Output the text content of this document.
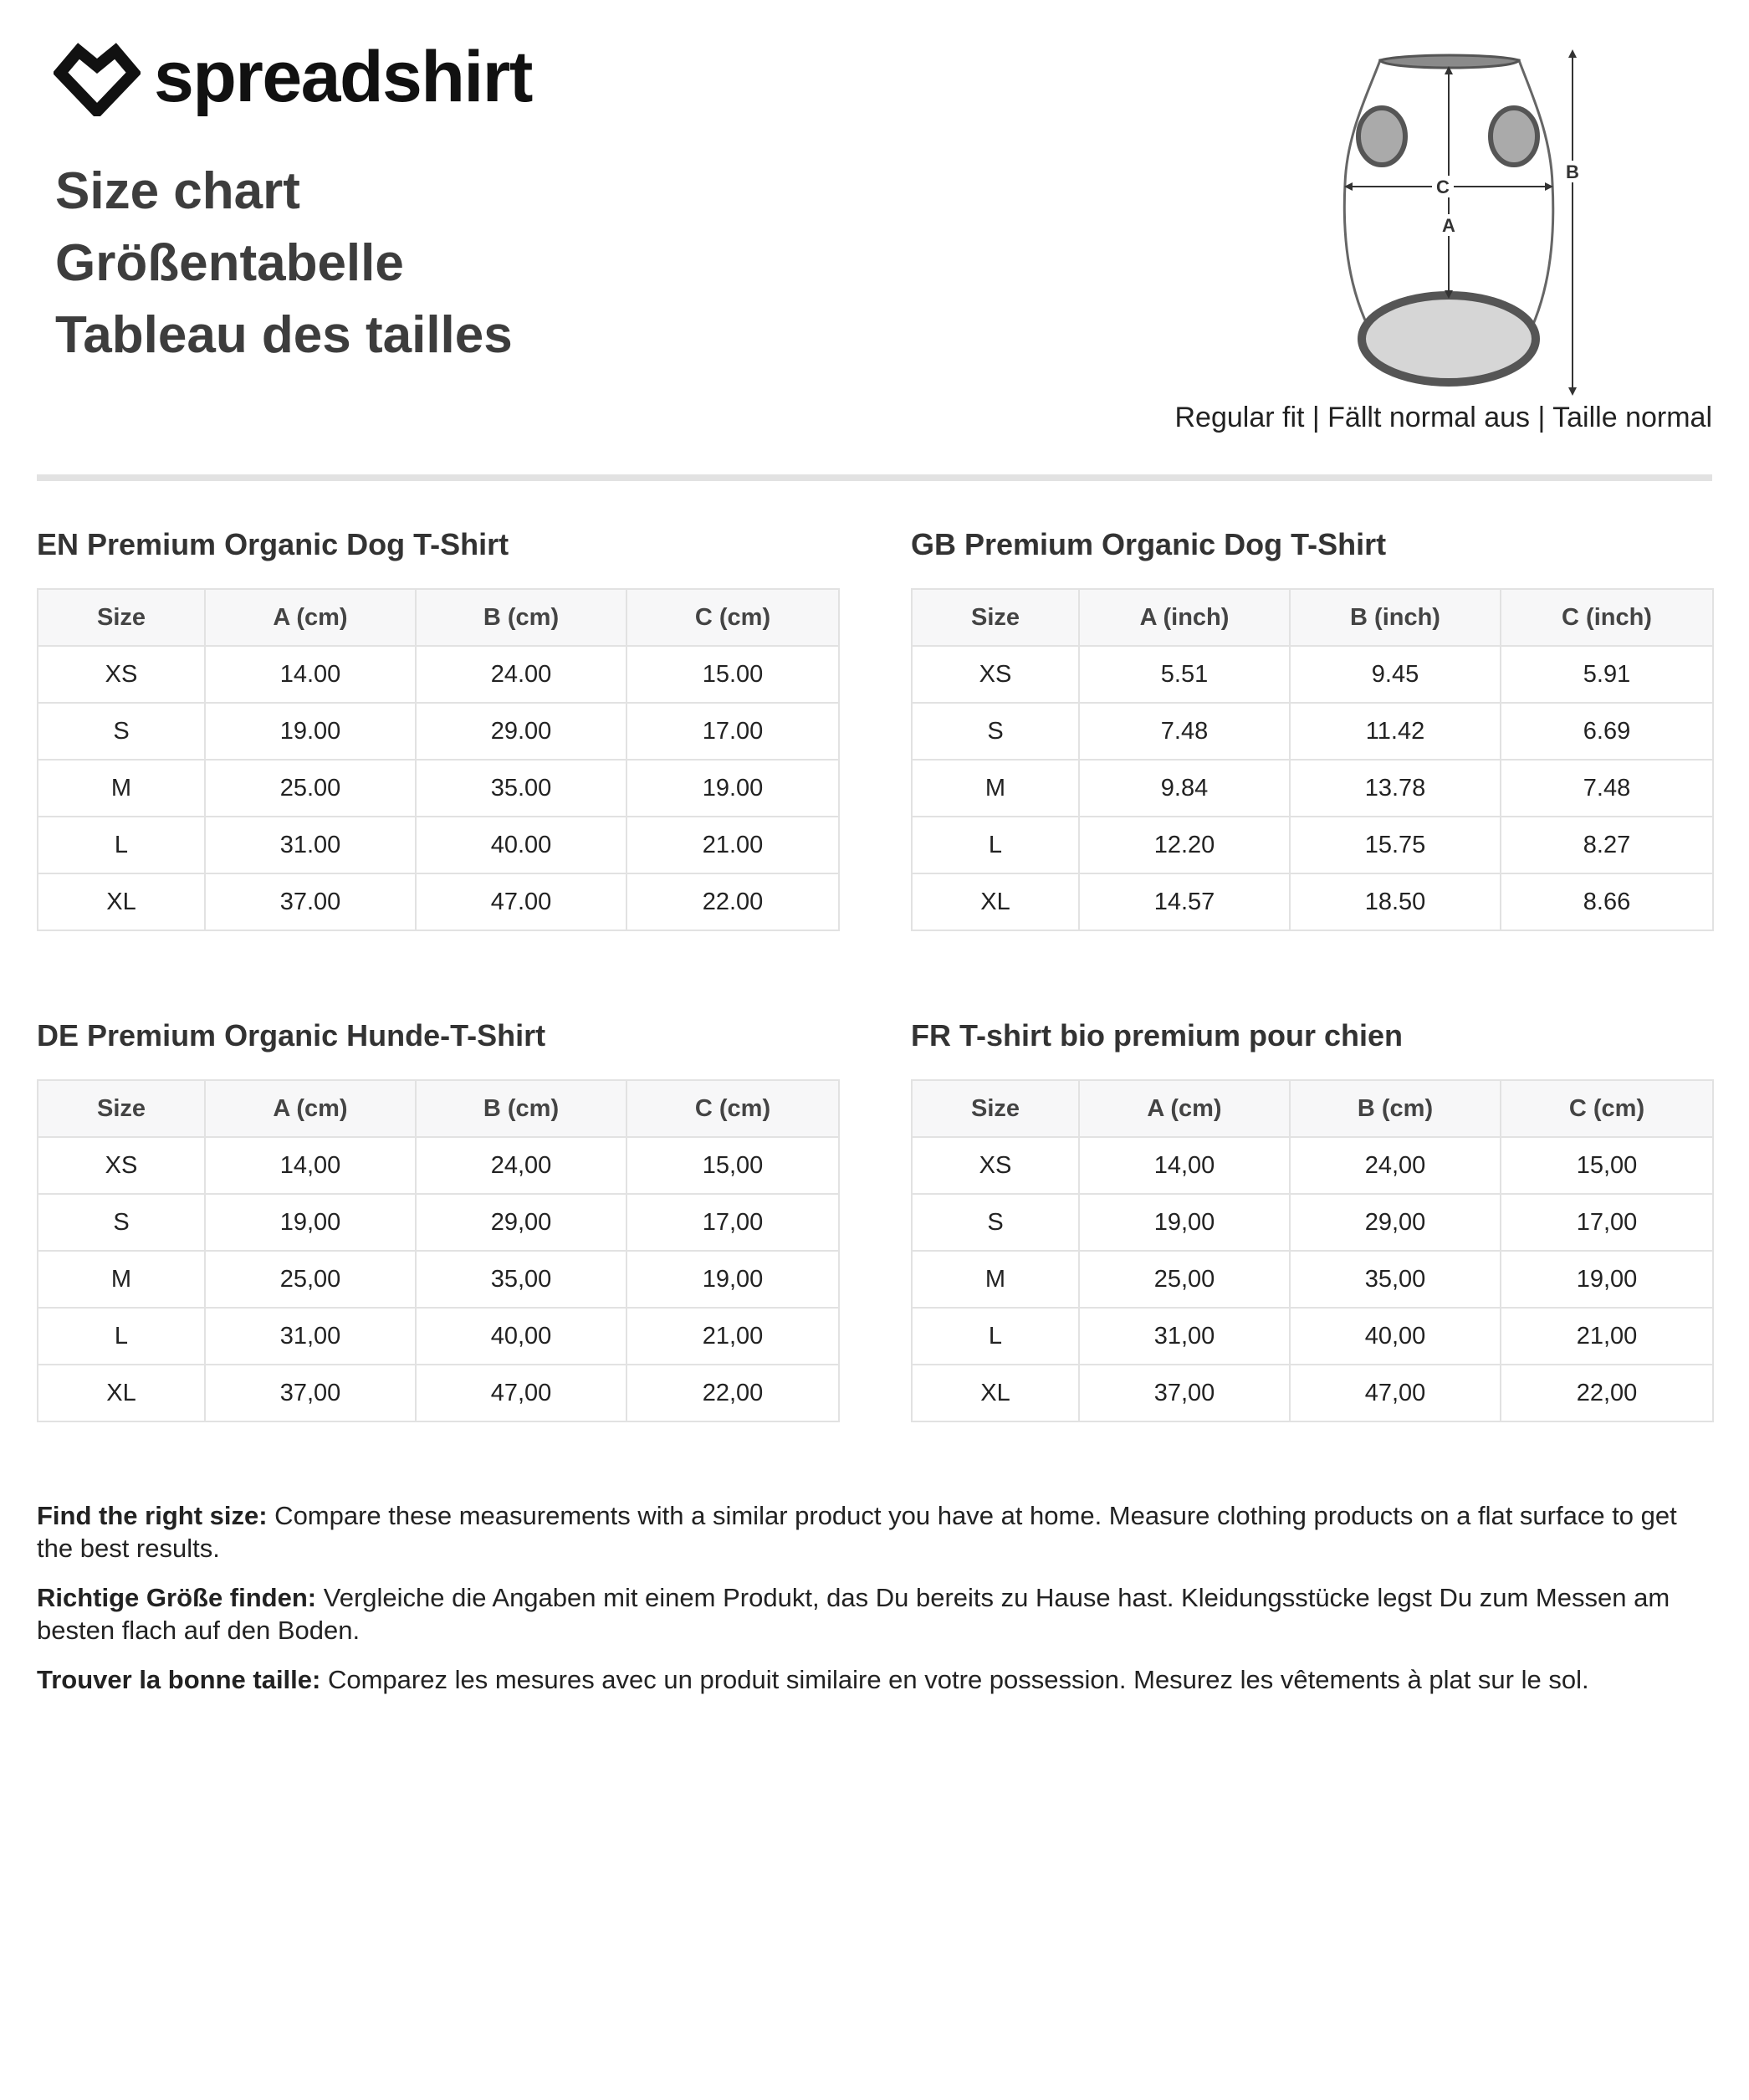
spreadshirt
Size chart
Größentabelle
Tableau des tailles
C
A
B
Regular fit | Fällt normal aus | Taille normal
EN Premium Organic Dog T-Shirt
Size	A (cm)	B (cm)	C (cm)
XS	14.00	24.00	15.00
S	19.00	29.00	17.00
M	25.00	35.00	19.00
L	31.00	40.00	21.00
XL	37.00	47.00	22.00
GB Premium Organic Dog T-Shirt
Size	A (inch)	B (inch)	C (inch)
XS	5.51	9.45	5.91
S	7.48	11.42	6.69
M	9.84	13.78	7.48
L	12.20	15.75	8.27
XL	14.57	18.50	8.66
DE Premium Organic Hunde-T-Shirt
Size	A (cm)	B (cm)	C (cm)
XS	14,00	24,00	15,00
S	19,00	29,00	17,00
M	25,00	35,00	19,00
L	31,00	40,00	21,00
XL	37,00	47,00	22,00
FR T-shirt bio premium pour chien
Size	A (cm)	B (cm)	C (cm)
XS	14,00	24,00	15,00
S	19,00	29,00	17,00
M	25,00	35,00	19,00
L	31,00	40,00	21,00
XL	37,00	47,00	22,00

Find the right size: Compare these measurements with a similar product you have at home. Measure clothing products on a flat surface to get the best results.

Richtige Größe finden: Vergleiche die Angaben mit einem Produkt, das Du bereits zu Hause hast. Kleidungsstücke legst Du zum Messen am besten flach auf den Boden.

Trouver la bonne taille: Comparez les mesures avec un produit similaire en votre possession. Mesurez les vêtements à plat sur le sol.
